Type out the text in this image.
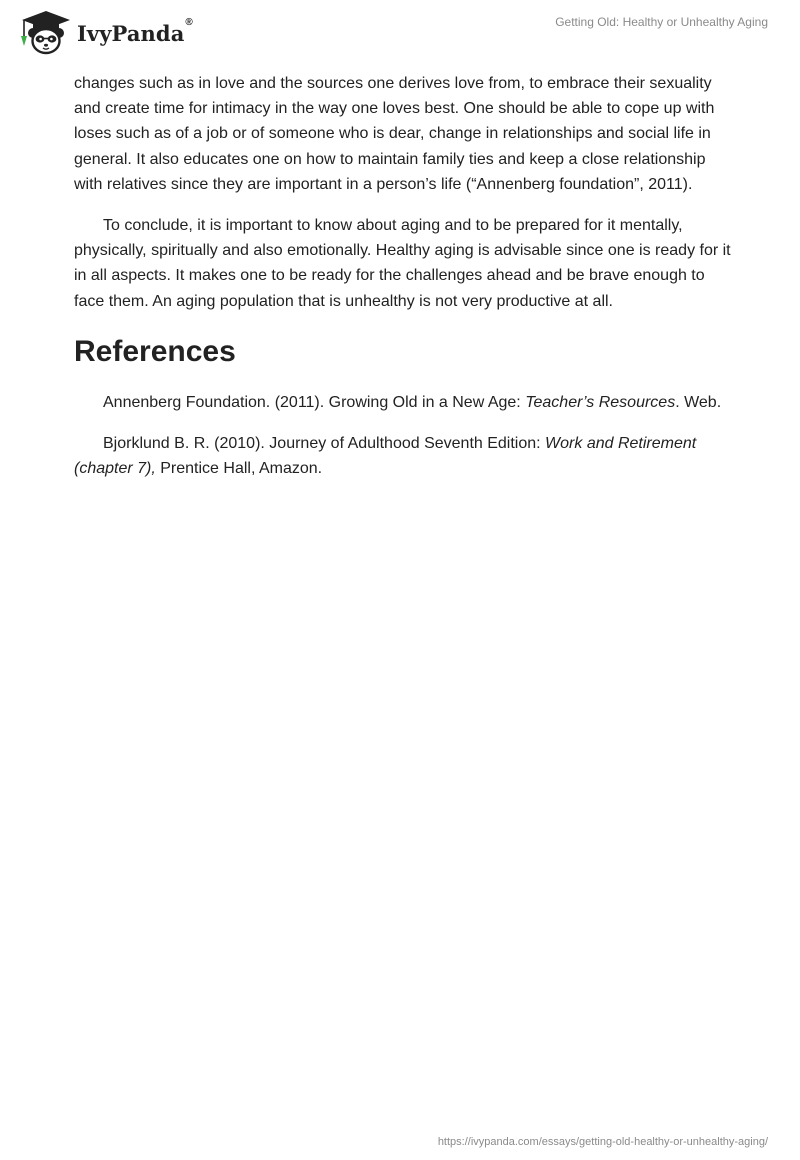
IvyPanda®	Getting Old: Healthy or Unhealthy Aging

changes such as in love and the sources one derives love from, to embrace their sexuality and create time for intimacy in the way one loves best. One should be able to cope up with loses such as of a job or of someone who is dear, change in relationships and social life in general. It also educates one on how to maintain family ties and keep a close relationship with relatives since they are important in a person’s life (“Annenberg foundation”, 2011).

To conclude, it is important to know about aging and to be prepared for it mentally, physically, spiritually and also emotionally. Healthy aging is advisable since one is ready for it in all aspects. It makes one to be ready for the challenges ahead and be brave enough to face them. An aging population that is unhealthy is not very productive at all.

References

Annenberg Foundation. (2011). Growing Old in a New Age: Teacher’s Resources. Web.

Bjorklund B. R. (2010). Journey of Adulthood Seventh Edition: Work and Retirement (chapter 7), Prentice Hall, Amazon.

https://ivypanda.com/essays/getting-old-healthy-or-unhealthy-aging/
